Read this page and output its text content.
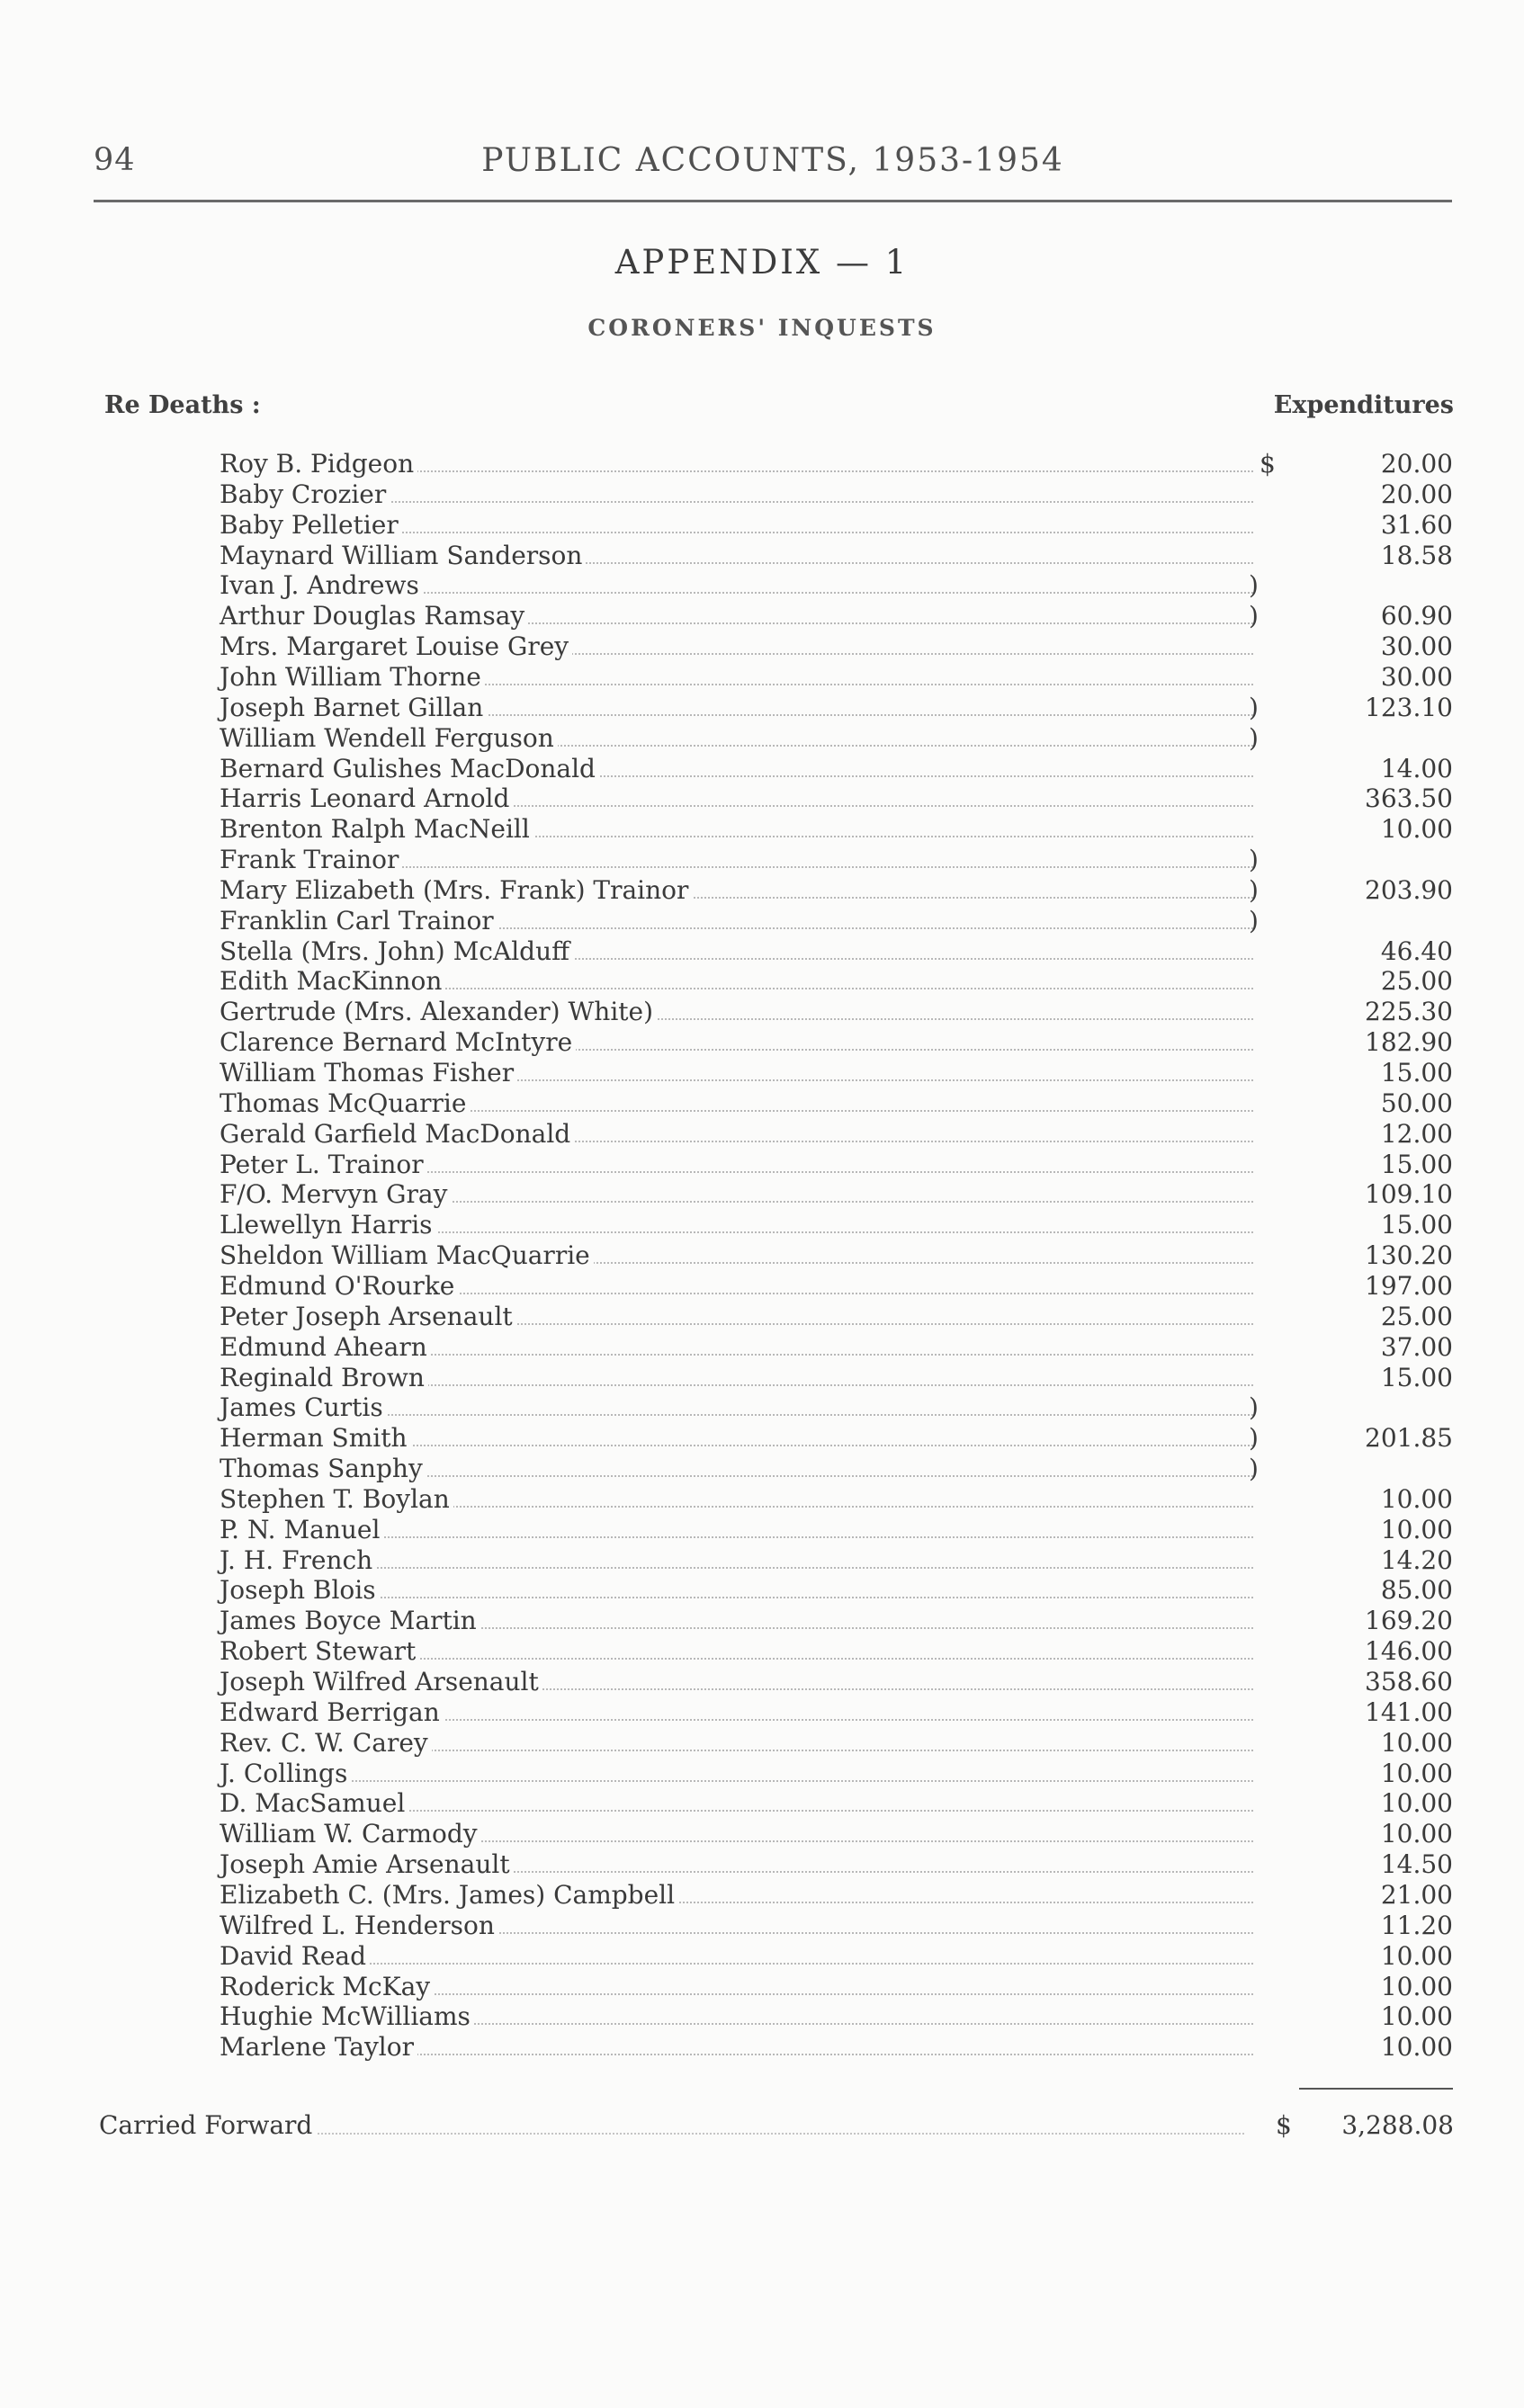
94	PUBLIC ACCOUNTS, 1953-1954
APPENDIX — 1
CORONERS' INQUESTS
Re Deaths :	Expenditures
Roy B. Pidgeon	$	20.00
Baby Crozier	20.00
Baby Pelletier	31.60
Maynard William Sanderson	18.58
Ivan J. Andrews	)
Arthur Douglas Ramsay	)	60.90
Mrs. Margaret Louise Grey	30.00
John William Thorne	30.00
Joseph Barnet Gillan	)	123.10
William Wendell Ferguson	)
Bernard Gulishes MacDonald	14.00
Harris Leonard Arnold	363.50
Brenton Ralph MacNeill	10.00
Frank Trainor	)
Mary Elizabeth (Mrs. Frank) Trainor	)	203.90
Franklin Carl Trainor	)
Stella (Mrs. John) McAlduff	46.40
Edith MacKinnon	25.00
Gertrude (Mrs. Alexander) White)	225.30
Clarence Bernard McIntyre	182.90
William Thomas Fisher	15.00
Thomas McQuarrie	50.00
Gerald Garfield MacDonald	12.00
Peter L. Trainor	15.00
F/O. Mervyn Gray	109.10
Llewellyn Harris	15.00
Sheldon William MacQuarrie	130.20
Edmund O'Rourke	197.00
Peter Joseph Arsenault	25.00
Edmund Ahearn	37.00
Reginald Brown	15.00
James Curtis	)
Herman Smith	)	201.85
Thomas Sanphy	)
Stephen T. Boylan	10.00
P. N. Manuel	10.00
J. H. French	14.20
Joseph Blois	85.00
James Boyce Martin	169.20
Robert Stewart	146.00
Joseph Wilfred Arsenault	358.60
Edward Berrigan	141.00
Rev. C. W. Carey	10.00
J. Collings	10.00
D. MacSamuel	10.00
William W. Carmody	10.00
Joseph Amie Arsenault	14.50
Elizabeth C. (Mrs. James) Campbell	21.00
Wilfred L. Henderson	11.20
David Read	10.00
Roderick McKay	10.00
Hughie McWilliams	10.00
Marlene Taylor	10.00
Carried Forward	$ 3,288.08
